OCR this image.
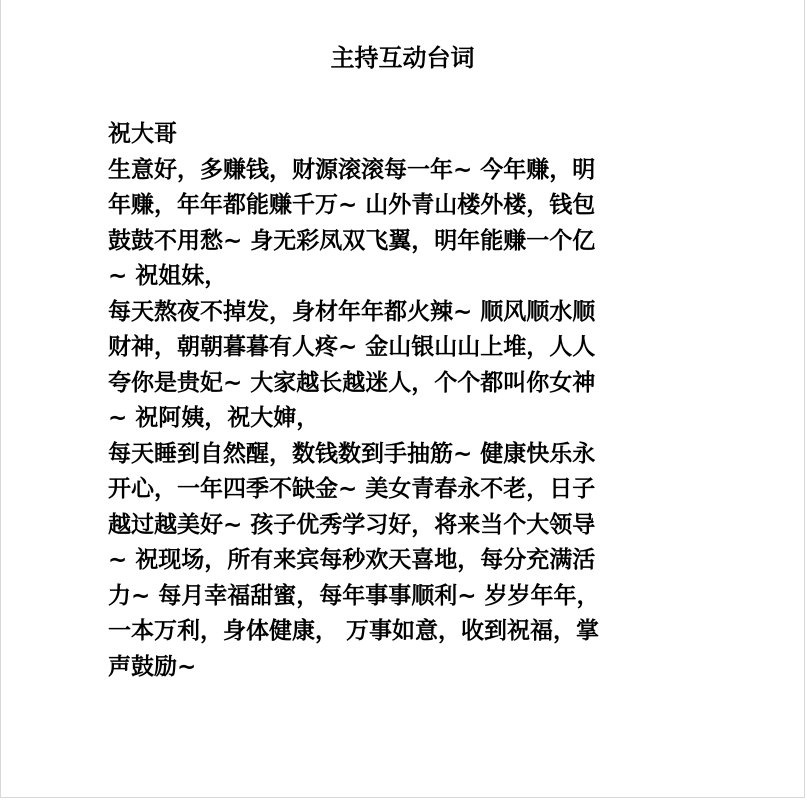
主持互动台词

祝大哥

生意好，多赚钱，财源滚滚每一年~ 今年赚，明

年赚，年年都能赚千万~ 山外青山楼外楼，钱包

鼓鼓不用愁~ 身无彩凤双飞翼，明年能赚一个亿

~ 祝姐妹，

每天熬夜不掉发，身材年年都火辣~ 顺风顺水顺

财神，朝朝暮暮有人疼~ 金山银山山上堆，人人

夸你是贵妃~ 大家越长越迷人，个个都叫你女神

~ 祝阿姨，祝大婶，

每天睡到自然醒，数钱数到手抽筋~ 健康快乐永

开心，一年四季不缺金~ 美女青春永不老，日子

越过越美好~ 孩子优秀学习好，将来当个大领导

~ 祝现场，所有来宾每秒欢天喜地，每分充满活

力~ 每月幸福甜蜜，每年事事顺利~ 岁岁年年，

一本万利，身体健康， 万事如意，收到祝福，掌

声鼓励~
